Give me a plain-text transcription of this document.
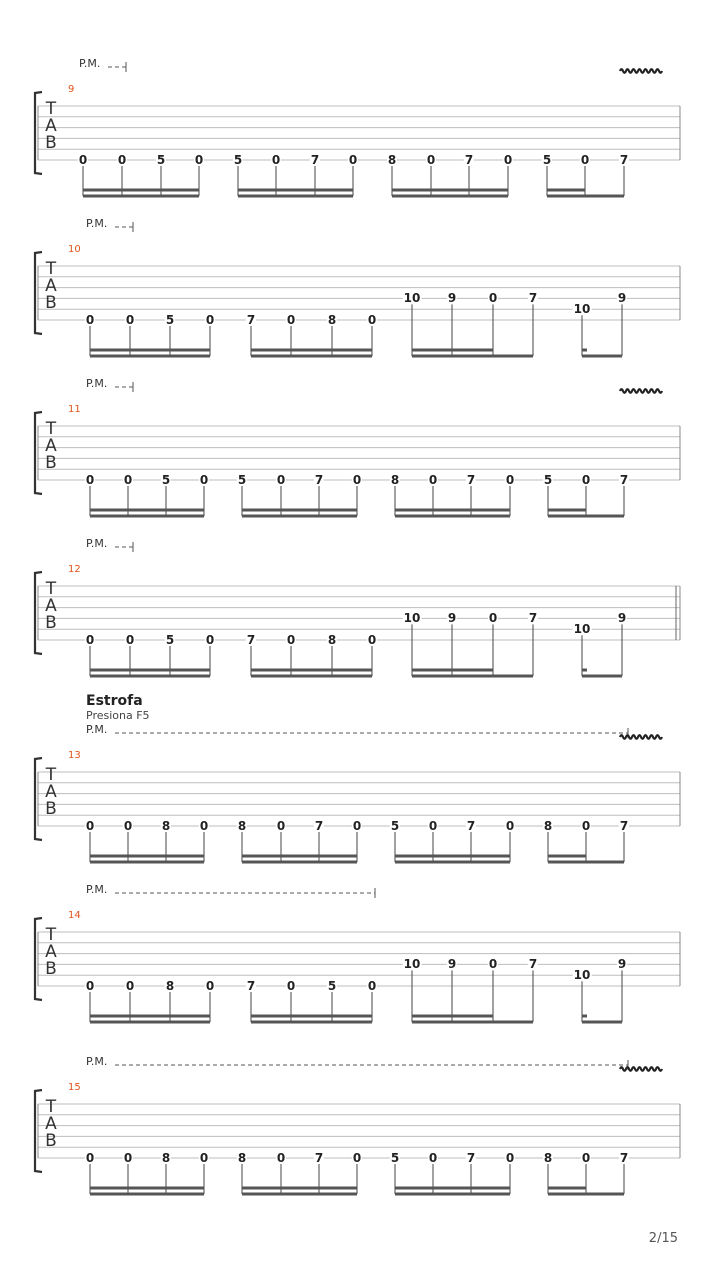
T
A
B
9
P.M.
0	0	5 0	5 0	7 0	8	0 7	0	5 0	7
T
A
B
10
P.M.
0	0	5	0	7	0	8	0
10 9	0	7
10
9
T
A
B
11
P.M.
0 0 5 0 5	0 7 0 8 0 7	0 5 0 7
T
A
B
12
P.M.
0	0	5	0	7	0	8	0
10 9	0	7
10
9
T
A
B
13
Estrofa
Presiona F5
P.M.
0 0 8 0 8	0 7 0 5 0 7	0 8 0 7
T
A
B
14
P.M.
0	0	8	0	7	0	5	0
10 9	0	7
10
9
T
A
B
15
P.M.
0 0 8 0 8	0 7 0 5 0 7	0 8 0 7
2/15
